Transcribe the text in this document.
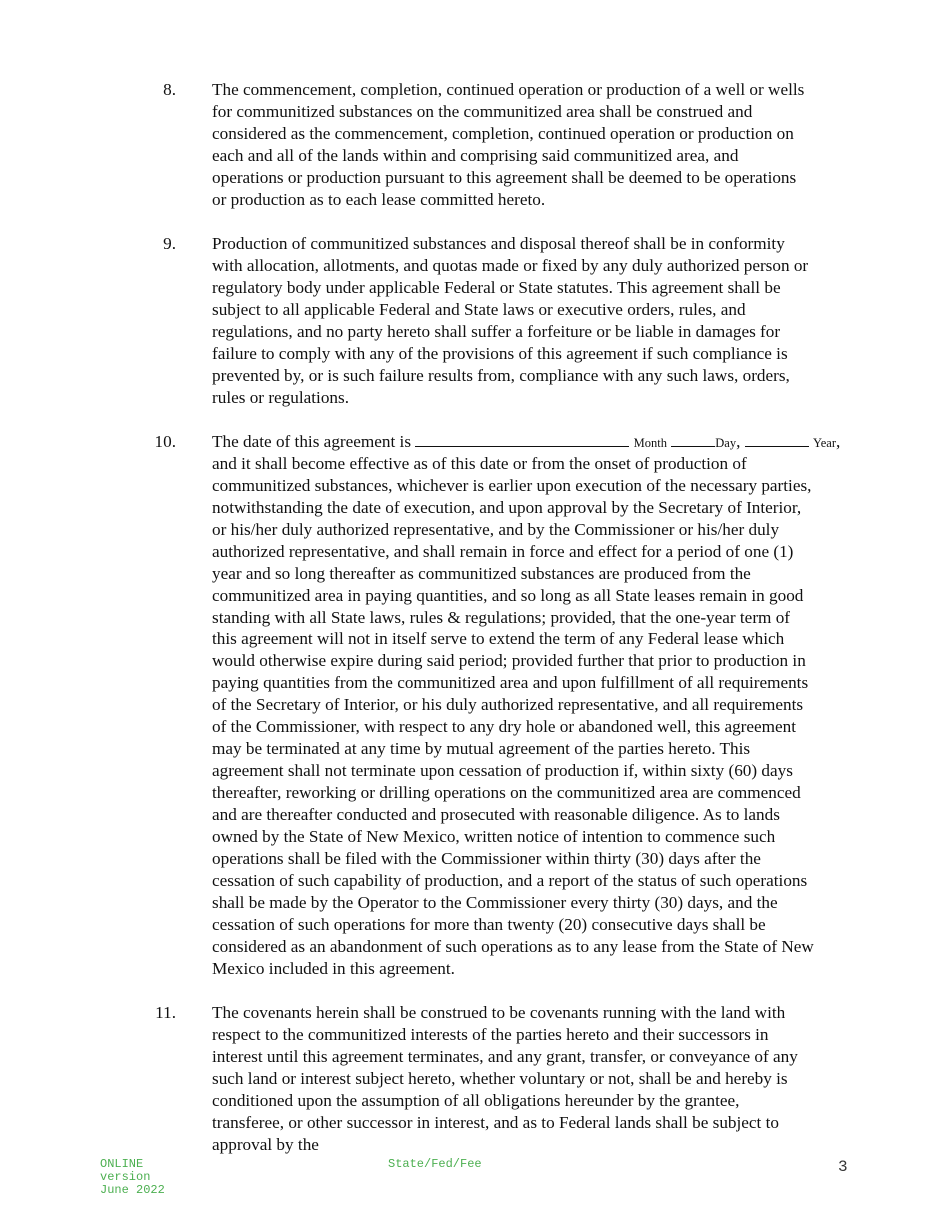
8. The commencement, completion, continued operation or production of a well or wells
for communitized substances on the communitized area shall be construed and
considered as the commencement, completion, continued operation or production on
each and all of the lands within and comprising said communitized area, and
operations or production pursuant to this agreement shall be deemed to be operations
or production as to each lease committed hereto.
9. Production of communitized substances and disposal thereof shall be in conformity
with allocation, allotments, and quotas made or fixed by any duly authorized person or
regulatory body under applicable Federal or State statutes. This agreement shall be
subject to all applicable Federal and State laws or executive orders, rules, and
regulations, and no party hereto shall suffer a forfeiture or be liable in damages for
failure to comply with any of the provisions of this agreement if such compliance is
prevented by, or is such failure results from, compliance with any such laws, orders,
rules or regulations.
10. The date of this agreement is	Month	Day,	Year,
and it shall become effective as of this date or from the onset of production of
communitized substances, whichever is earlier upon execution of the necessary parties,
notwithstanding the date of execution, and upon approval by the Secretary of Interior,
or his/her duly authorized representative, and by the Commissioner or his/her duly
authorized representative, and shall remain in force and effect for a period of one (1)
year and so long thereafter as communitized substances are produced from the
communitized area in paying quantities, and so long as all State leases remain in good
standing with all State laws, rules & regulations; provided, that the one-year term of
this agreement will not in itself serve to extend the term of any Federal lease which
would otherwise expire during said period; provided further that prior to production in
paying quantities from the communitized area and upon fulfillment of all requirements
of the Secretary of Interior, or his duly authorized representative, and all requirements
of the Commissioner, with respect to any dry hole or abandoned well, this agreement
may be terminated at any time by mutual agreement of the parties hereto. This
agreement shall not terminate upon cessation of production if, within sixty (60) days
thereafter, reworking or drilling operations on the communitized area are commenced
and are thereafter conducted and prosecuted with reasonable diligence. As to lands
owned by the State of New Mexico, written notice of intention to commence such
operations shall be filed with the Commissioner within thirty (30) days after the
cessation of such capability of production, and a report of the status of such operations
shall be made by the Operator to the Commissioner every thirty (30) days, and the
cessation of such operations for more than twenty (20) consecutive days shall be
considered as an abandonment of such operations as to any lease from the State of New
Mexico included in this agreement.
11. The covenants herein shall be construed to be covenants running with the land with
respect to the communitized interests of the parties hereto and their successors in
interest until this agreement terminates, and any grant, transfer, or conveyance of any
such land or interest subject hereto, whether voluntary or not, shall be and hereby is
conditioned upon the assumption of all obligations hereunder by the grantee,
transferee, or other successor in interest, and as to Federal lands shall be subject to
approval by the
ONLINE
version
June 2022
State/Fed/Fee	3
